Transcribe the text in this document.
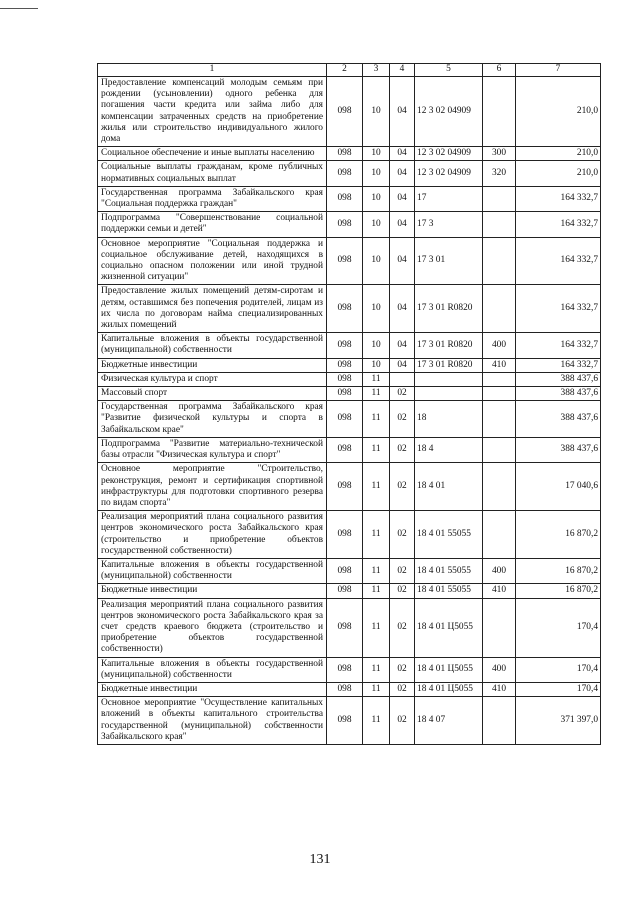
1	2	3	4	5	6	7
Предоставление компенсаций молодым семьям при рождении (усыновлении) одного ребенка для погашения части кредита или займа либо для компенсации затраченных средств на приобретение жилья или строительство индивидуального жилого дома	098	10	04	12 3 02 04909		210,0
Социальное обеспечение и иные выплаты населению	098	10	04	12 3 02 04909	300	210,0
Социальные выплаты гражданам, кроме публичных нормативных социальных выплат	098	10	04	12 3 02 04909	320	210,0
Государственная программа Забайкальского края "Социальная поддержка граждан"	098	10	04	17		164 332,7
Подпрограмма "Совершенствование социальной поддержки семьи и детей"	098	10	04	17 3		164 332,7
Основное мероприятие "Социальная поддержка и социальное обслуживание детей, находящихся в социально опасном положении или иной трудной жизненной ситуации"	098	10	04	17 3 01		164 332,7
Предоставление жилых помещений детям-сиротам и детям, оставшимся без попечения родителей, лицам из их числа по договорам найма специализированных жилых помещений	098	10	04	17 3 01 R0820		164 332,7
Капитальные вложения в объекты государственной (муниципальной) собственности	098	10	04	17 3 01 R0820	400	164 332,7
Бюджетные инвестиции	098	10	04	17 3 01 R0820	410	164 332,7
Физическая культура и спорт	098	11				388 437,6
Массовый спорт	098	11	02			388 437,6
Государственная программа Забайкальского края "Развитие физической культуры и спорта в Забайкальском крае"	098	11	02	18		388 437,6
Подпрограмма "Развитие материально-технической базы отрасли "Физическая культура и спорт"	098	11	02	18 4		388 437,6
Основное мероприятие "Строительство, реконструкция, ремонт и сертификация спортивной инфраструктуры для подготовки спортивного резерва по видам спорта"	098	11	02	18 4 01		17 040,6
Реализация мероприятий плана социального развития центров экономического роста Забайкальского края (строительство и приобретение объектов государственной собственности)	098	11	02	18 4 01 55055		16 870,2
Капитальные вложения в объекты государственной (муниципальной) собственности	098	11	02	18 4 01 55055	400	16 870,2
Бюджетные инвестиции	098	11	02	18 4 01 55055	410	16 870,2
Реализация мероприятий плана социального развития центров экономического роста Забайкальского края за счет средств краевого бюджета (строительство и приобретение объектов государственной собственности)	098	11	02	18 4 01 Ц5055		170,4
Капитальные вложения в объекты государственной (муниципальной) собственности	098	11	02	18 4 01 Ц5055	400	170,4
Бюджетные инвестиции	098	11	02	18 4 01 Ц5055	410	170,4
Основное мероприятие "Осуществление капитальных вложений в объекты капитального строительства государственной (муниципальной) собственности Забайкальского края"	098	11	02	18 4 07		371 397,0
131
